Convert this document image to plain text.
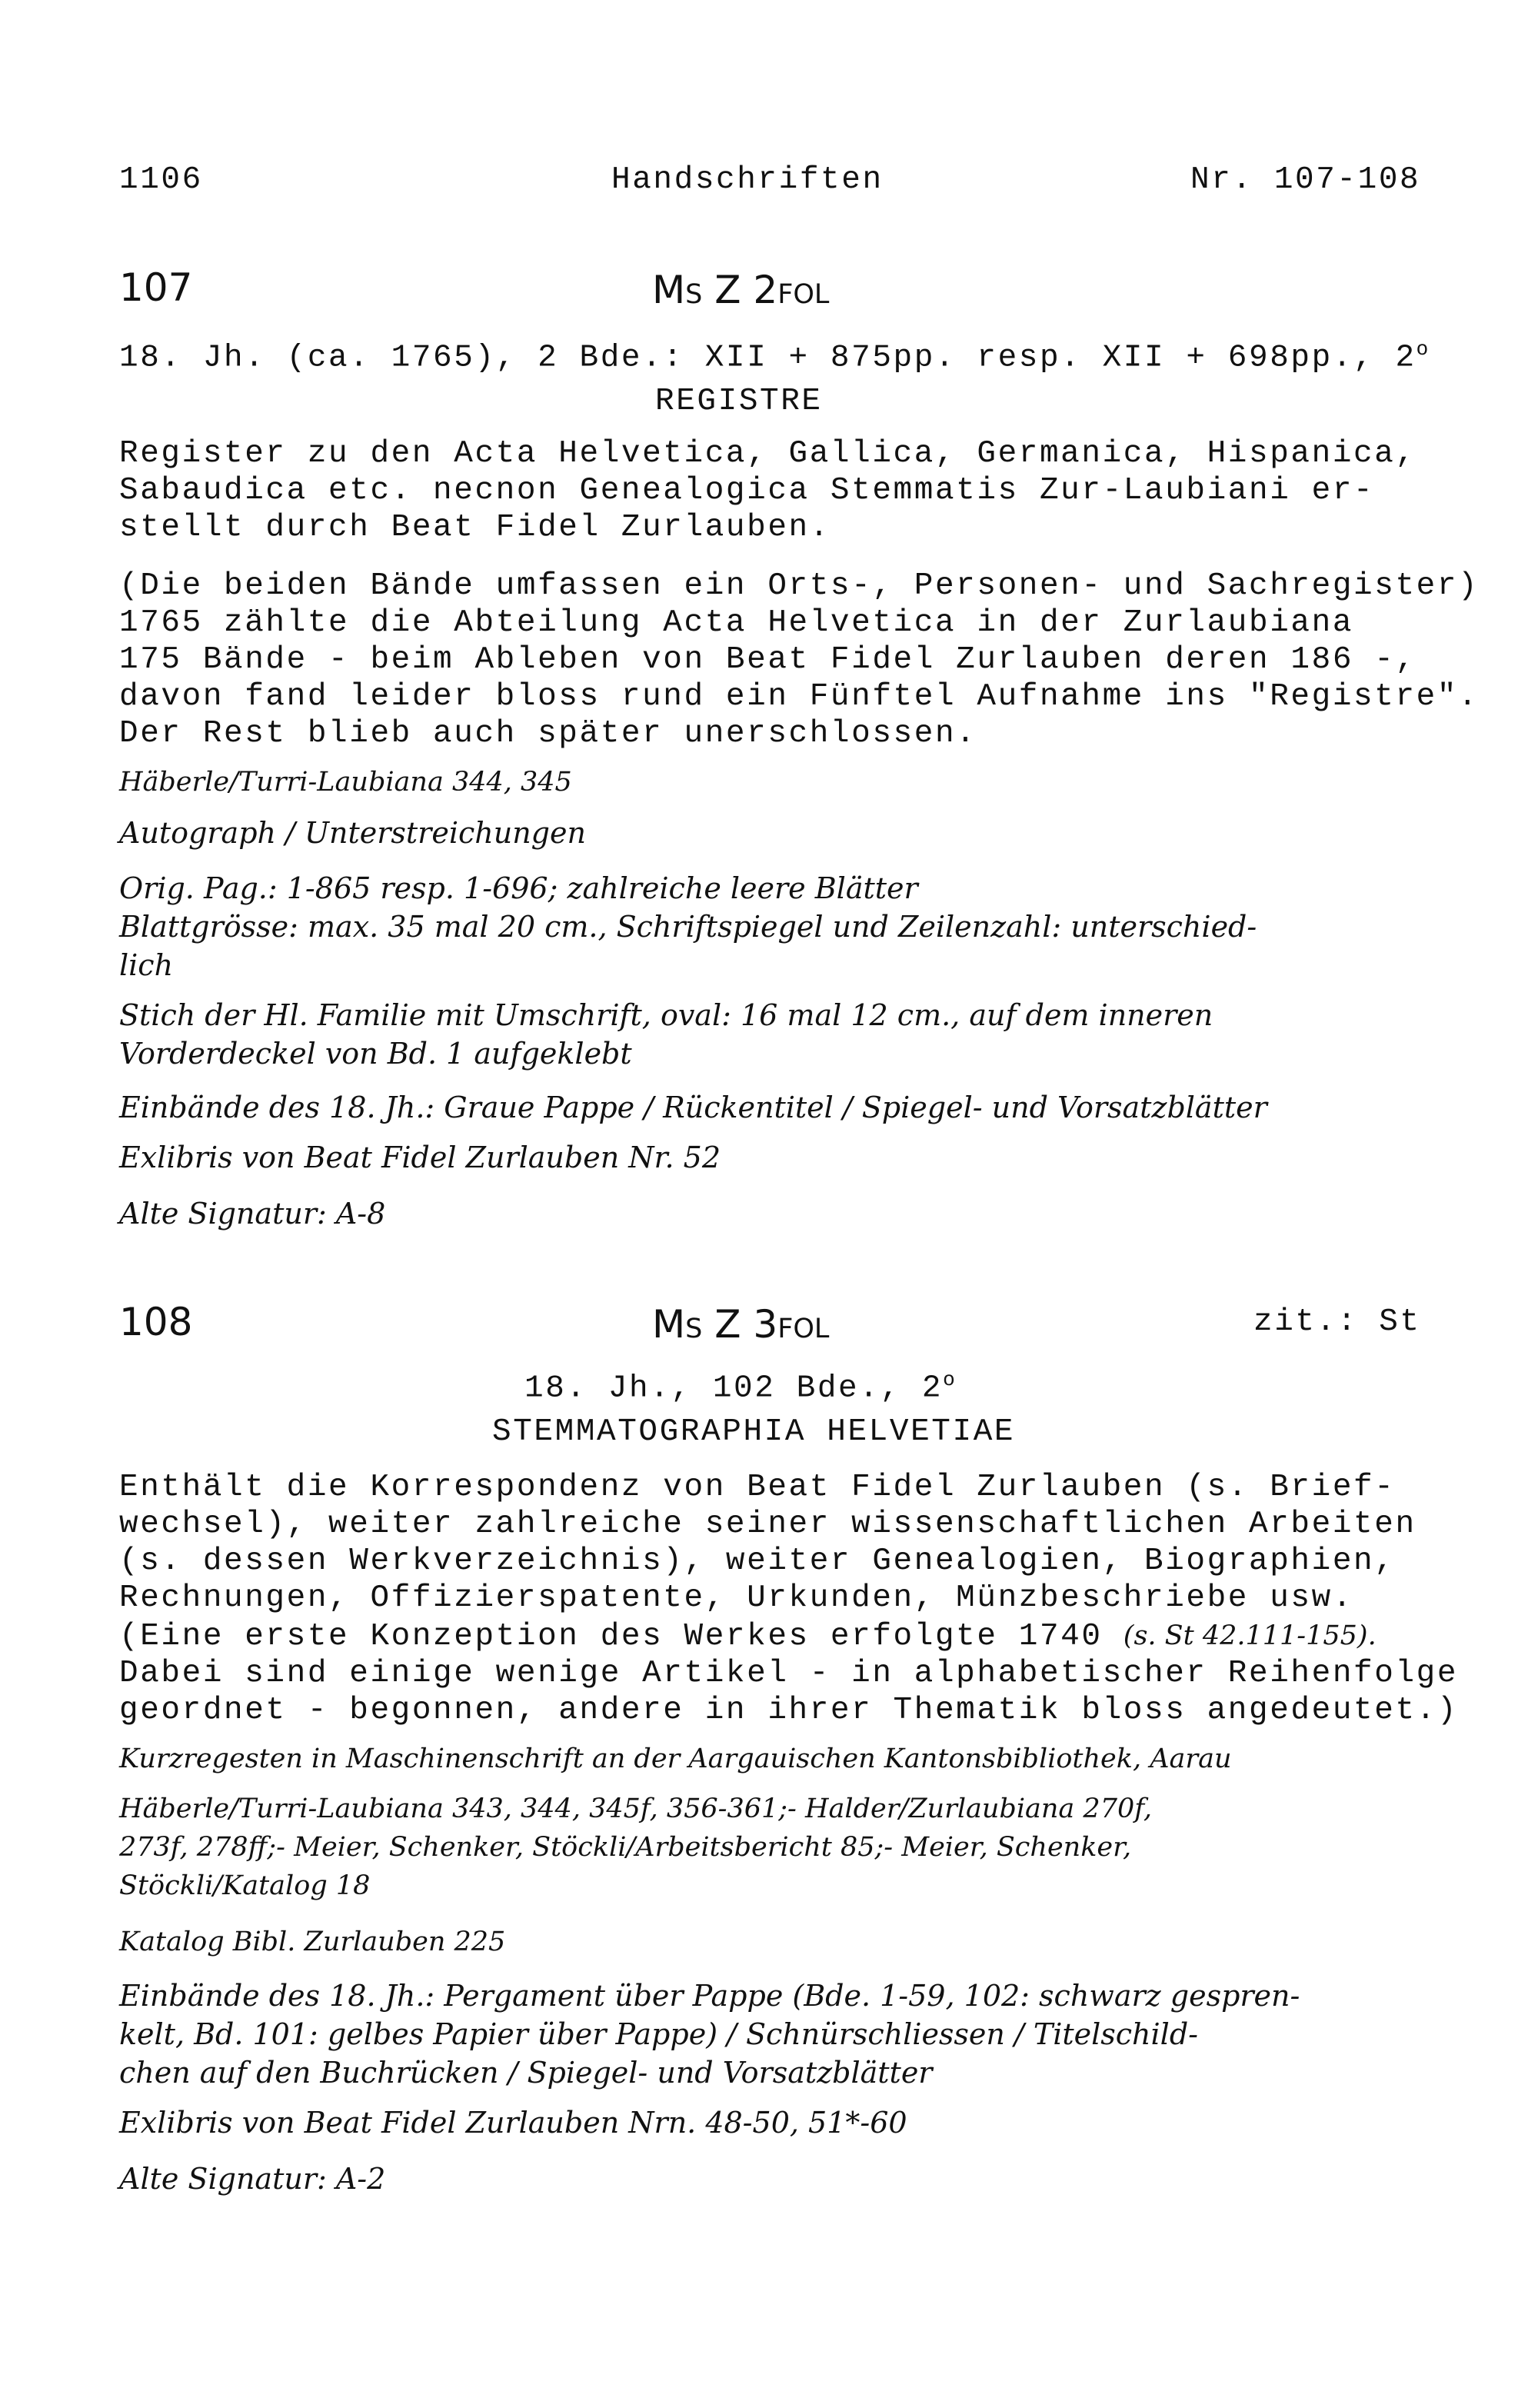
1106	Handschriften	Nr. 107-108
107	Ms Z 2fol
18. Jh. (ca. 1765), 2 Bde.: XII + 875pp. resp. XII + 698pp., 2$^o$
REGISTRE
Register zu den Acta Helvetica, Gallica, Germanica, Hispanica,
Sabaudica etc. necnon Genealogica Stemmatis Zur-Laubiani er-
stellt durch Beat Fidel Zurlauben.
(Die beiden Bände umfassen ein Orts-, Personen- und Sachregister)
1765 zählte die Abteilung Acta Helvetica in der Zurlaubiana
175 Bände - beim Ableben von Beat Fidel Zurlauben deren 186 -,
davon fand leider bloss rund ein Fünftel Aufnahme ins "Registre".
Der Rest blieb auch später unerschlossen.
Häberle/Turri-Laubiana 344, 345
Autograph / Unterstreichungen
Orig. Pag.: 1-865 resp. 1-696; zahlreiche leere Blätter
Blattgrösse: max. 35 mal 20 cm., Schriftspiegel und Zeilenzahl: unterschied-
lich
Stich der Hl. Familie mit Umschrift, oval: 16 mal 12 cm., auf dem inneren
Vorderdeckel von Bd. 1 aufgeklebt
Einbände des 18. Jh.: Graue Pappe / Rückentitel / Spiegel- und Vorsatzblätter
Exlibris von Beat Fidel Zurlauben Nr. 52
Alte Signatur: A-8
108	Ms Z 3fol	zit.: St
18. Jh., 102 Bde., 2$^o$
STEMMATOGRAPHIA HELVETIAE
Enthält die Korrespondenz von Beat Fidel Zurlauben (s. Brief-
wechsel), weiter zahlreiche seiner wissenschaftlichen Arbeiten
(s. dessen Werkverzeichnis), weiter Genealogien, Biographien,
Rechnungen, Offizierspatente, Urkunden, Münzbeschriebe usw.
(Eine erste Konzeption des Werkes erfolgte 1740 (s. St 42.111-155).
Dabei sind einige wenige Artikel - in alphabetischer Reihenfolge
geordnet - begonnen, andere in ihrer Thematik bloss angedeutet.)
Kurzregesten in Maschinenschrift an der Aargauischen Kantonsbibliothek, Aarau
Häberle/Turri-Laubiana 343, 344, 345f, 356-361;- Halder/Zurlaubiana 270f,
273f, 278ff;- Meier, Schenker, Stöckli/Arbeitsbericht 85;- Meier, Schenker,
Stöckli/Katalog 18
Katalog Bibl. Zurlauben 225
Einbände des 18. Jh.: Pergament über Pappe (Bde. 1-59, 102: schwarz gespren-
kelt, Bd. 101: gelbes Papier über Pappe) / Schnürschliessen / Titelschild-
chen auf den Buchrücken / Spiegel- und Vorsatzblätter
Exlibris von Beat Fidel Zurlauben Nrn. 48-50, 51*-60
Alte Signatur: A-2
